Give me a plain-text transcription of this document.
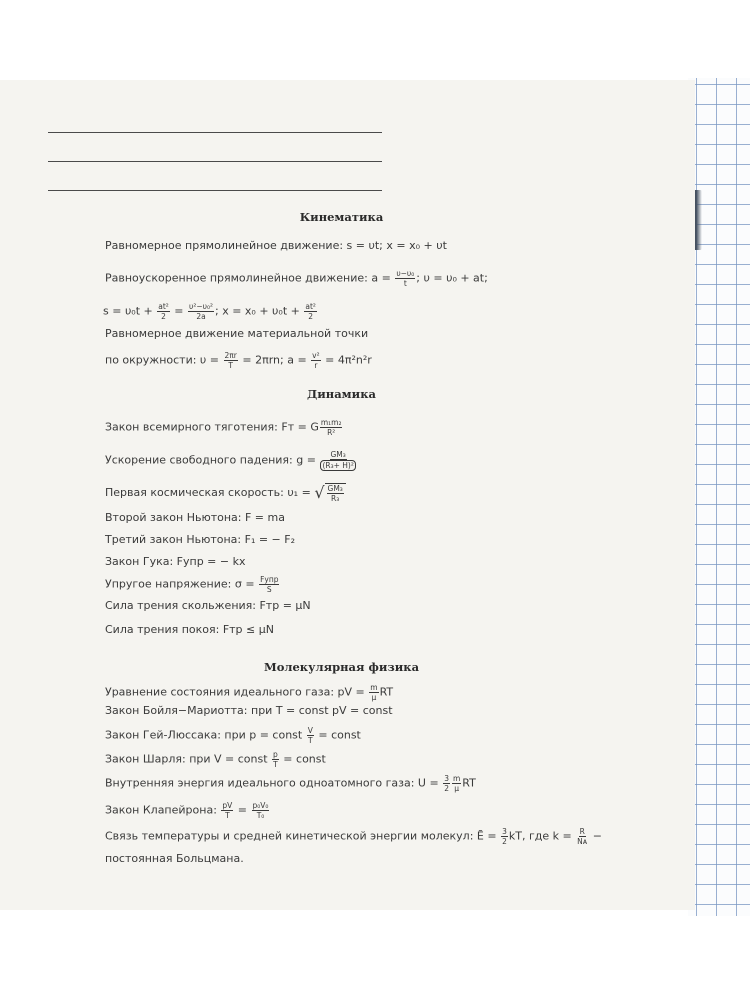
Кинематика
Равномерное прямолинейное движение: s = υt; x = x₀ + υt
Равноускоренное прямолинейное движение: $a = \frac{\text{υ−υ₀}}{t}$ ; υ = υ₀ + at;
$s = \upsilon_0t + \frac{\text{at²}}{2} = \frac{\text{υ²−υ₀²}}{2a}$ ; $x = x_0 + \upsilon_0t + \frac{\text{at²}}{2}$
Равномерное движение материальной точки
по окружности: $\upsilon = \frac{2\pi r}{T} = 2\pi rn$; $a = \frac{\text{v²}}{r} = 4\pi^2n^2r$
Динамика
Закон всемирного тяготения: Fт = G $\frac{\text{m₁m₂}}{\text{R²}}$
Ускорение свободного падения: $g = \frac{\text{GM₃}}{\text{(R₃+ H)²}}$
Первая космическая скорость: υ₁ = √ $\frac{\text{GM₃}}{\text{R₃}}$
Второй закон Ньютона: F = ma
Третий закон Ньютона: F₁ = − F₂
Закон Гука: Fупр = − kx
Упругое напряжение: $\sigma = \frac{\text{Fупр}}{S}$
Сила трения скольжения: Fтр = μN
Сила трения покоя: Fтр ≤ μN
Молекулярная физика
Уравнение состояния идеального газа: pV = $\frac{m}{\mu}$ RT
Закон Бойля−Мариотта: при T = const pV = const
Закон Гей-Люссака: при p = const $\frac{V}{T}$ = const
Закон Шарля: при V = const $\frac{p}{T}$ = const
Внутренняя энергия идеального одноатомного газа: $U = \frac{3}{2} \frac{m}{\mu}$ RT
Закон Клапейрона: $\frac{pV}{T} = \frac{\text{p₀V₀}}{\text{T₀}}$
Связь температуры и средней кинетической энергии молекул: Ē = $\frac{3}{2}$ kT, где $k = \frac{R}{\text{Nᴀ}}$ −
постоянная Больцмана.
